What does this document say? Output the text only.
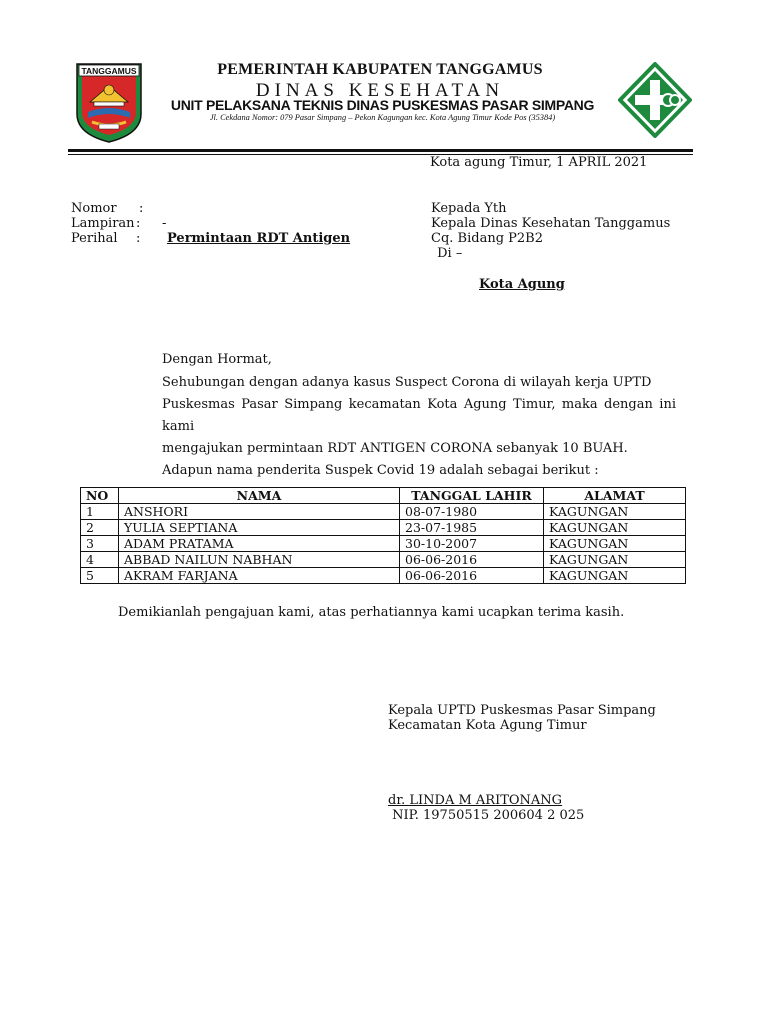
TANGGAMUS	PEMERINTAH KABUPATEN TANGGAMUS
DINAS KESEHATAN
UNIT PELAKSANA TEKNIS DINAS PUSKESMAS PASAR SIMPANG
Jl. Cekdana Nomor: 079 Pasar Simpang – Pekon Kagungan kec. Kota Agung Timur Kode Pos (35384)
Kota agung Timur, 1 APRIL 2021
Nomor :
Lampiran : -
Perihal : Permintaan RDT Antigen
Kepada Yth
Kepala Dinas Kesehatan Tanggamus
Cq. Bidang P2B2
Di –
Kota Agung
Dengan Hormat,
Sehubungan dengan adanya kasus Suspect Corona di wilayah kerja UPTD
Puskesmas Pasar Simpang kecamatan Kota Agung Timur, maka dengan ini kami
mengajukan permintaan RDT ANTIGEN CORONA sebanyak 10 BUAH.
Adapun nama penderita Suspek Covid 19 adalah sebagai berikut :
NO	NAMA	TANGGAL LAHIR	ALAMAT
1	ANSHORI	08-07-1980	KAGUNGAN
2	YULIA SEPTIANA	23-07-1985	KAGUNGAN
3	ADAM PRATAMA	30-10-2007	KAGUNGAN
4	ABBAD NAILUN NABHAN	06-06-2016	KAGUNGAN
5	AKRAM FARJANA	06-06-2016	KAGUNGAN
Demikianlah pengajuan kami, atas perhatiannya kami ucapkan terima kasih.
Kepala UPTD Puskesmas Pasar Simpang
Kecamatan Kota Agung Timur
dr. LINDA M ARITONANG
NIP. 19750515 200604 2 025
